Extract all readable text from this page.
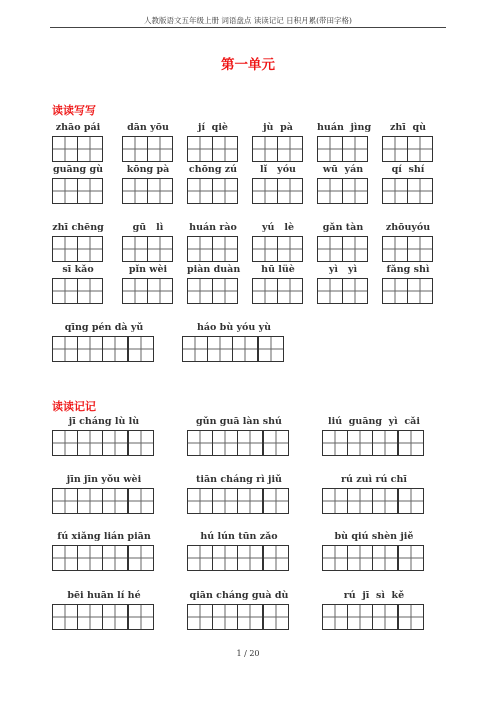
人教版语文五年级上册 词语盘点 读读记记 日积月累(带田字格)
第一单元
读读写写
读读记记
zhāo pái	dān yōu	jí  qiè	jù  pà	huán  jìng	zhī  qù
guāng gù	kōng pà	chōng zú	lǐ   yóu	wū  yán	qí  shí
zhī chēng	gū   lì	huán rào	yú   lè	gǎn tàn	zhōuyóu
sī kǎo	pǐn wèi	piàn duàn	hū lüè	yì   yì	fǎng shì
qīng pén dà yǔ	háo bù yóu yù
jī cháng lù lù	gǔn guā làn shú	liú  guāng  yì  cǎi
jīn jīn yǒu wèi	tiān cháng rì jiǔ	rú zuì rú chī
fú xiǎng lián piān	hú lún tūn zǎo	bù qiú shèn jiě
bēi huān lí hé	qiān cháng guà dù	rú  jī  sì  kě
1 / 20
